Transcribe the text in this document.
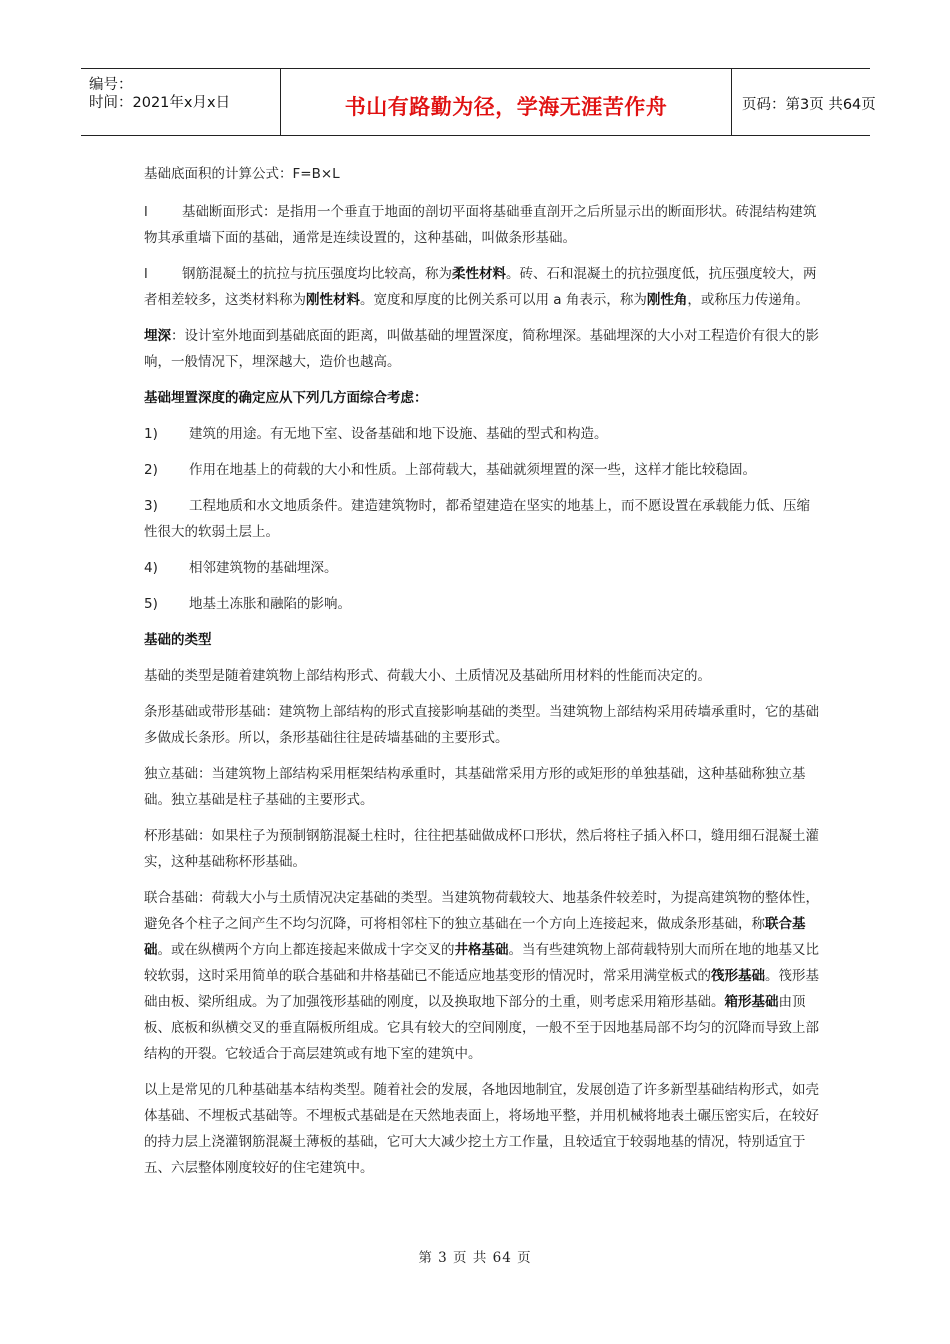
编号：
时间：2021年x月x日	书山有路勤为径，学海无涯苦作舟	页码：第3页 共64页

基础底面积的计算公式：F=B×L

l	基础断面形式：是指用一个垂直于地面的剖切平面将基础垂直剖开之后所显示出的断面形状。砖混结构建筑物其承重墙下面的基础，通常是连续设置的，这种基础，叫做条形基础。

l	钢筋混凝土的抗拉与抗压强度均比较高，称为柔性材料。砖、石和混凝土的抗拉强度低，抗压强度较大，两者相差较多，这类材料称为刚性材料。宽度和厚度的比例关系可以用 a 角表示，称为刚性角，或称压力传递角。

埋深：设计室外地面到基础底面的距离，叫做基础的埋置深度，简称埋深。基础埋深的大小对工程造价有很大的影响，一般情况下，埋深越大，造价也越高。

基础埋置深度的确定应从下列几方面综合考虑：

1) 建筑的用途。有无地下室、设备基础和地下设施、基础的型式和构造。

2) 作用在地基上的荷载的大小和性质。上部荷载大，基础就须埋置的深一些，这样才能比较稳固。

3) 工程地质和水文地质条件。建造建筑物时，都希望建造在坚实的地基上，而不愿设置在承载能力低、压缩性很大的软弱土层上。

4) 相邻建筑物的基础埋深。

5) 地基土冻胀和融陷的影响。

基础的类型

基础的类型是随着建筑物上部结构形式、荷载大小、土质情况及基础所用材料的性能而决定的。

条形基础或带形基础：建筑物上部结构的形式直接影响基础的类型。当建筑物上部结构采用砖墙承重时，它的基础多做成长条形。所以，条形基础往往是砖墙基础的主要形式。

独立基础：当建筑物上部结构采用框架结构承重时，其基础常采用方形的或矩形的单独基础，这种基础称独立基础。独立基础是柱子基础的主要形式。

杯形基础：如果柱子为预制钢筋混凝土柱时，往往把基础做成杯口形状，然后将柱子插入杯口，缝用细石混凝土灌实，这种基础称杯形基础。

联合基础：荷载大小与土质情况决定基础的类型。当建筑物荷载较大、地基条件较差时，为提高建筑物的整体性，避免各个柱子之间产生不均匀沉降，可将相邻柱下的独立基础在一个方向上连接起来，做成条形基础，称联合基础。或在纵横两个方向上都连接起来做成十字交叉的井格基础。当有些建筑物上部荷载特别大而所在地的地基又比较软弱，这时采用简单的联合基础和井格基础已不能适应地基变形的情况时，常采用满堂板式的筏形基础。筏形基础由板、梁所组成。为了加强筏形基础的刚度，以及换取地下部分的土重，则考虑采用箱形基础。箱形基础由顶板、底板和纵横交叉的垂直隔板所组成。它具有较大的空间刚度，一般不至于因地基局部不均匀的沉降而导致上部结构的开裂。它较适合于高层建筑或有地下室的建筑中。

以上是常见的几种基础基本结构类型。随着社会的发展，各地因地制宜，发展创造了许多新型基础结构形式，如壳体基础、不埋板式基础等。不埋板式基础是在天然地表面上，将场地平整，并用机械将地表土碾压密实后，在较好的持力层上浇灌钢筋混凝土薄板的基础，它可大大减少挖土方工作量，且较适宜于较弱地基的情况，特别适宜于五、六层整体刚度较好的住宅建筑中。

第 3 页 共 64 页
